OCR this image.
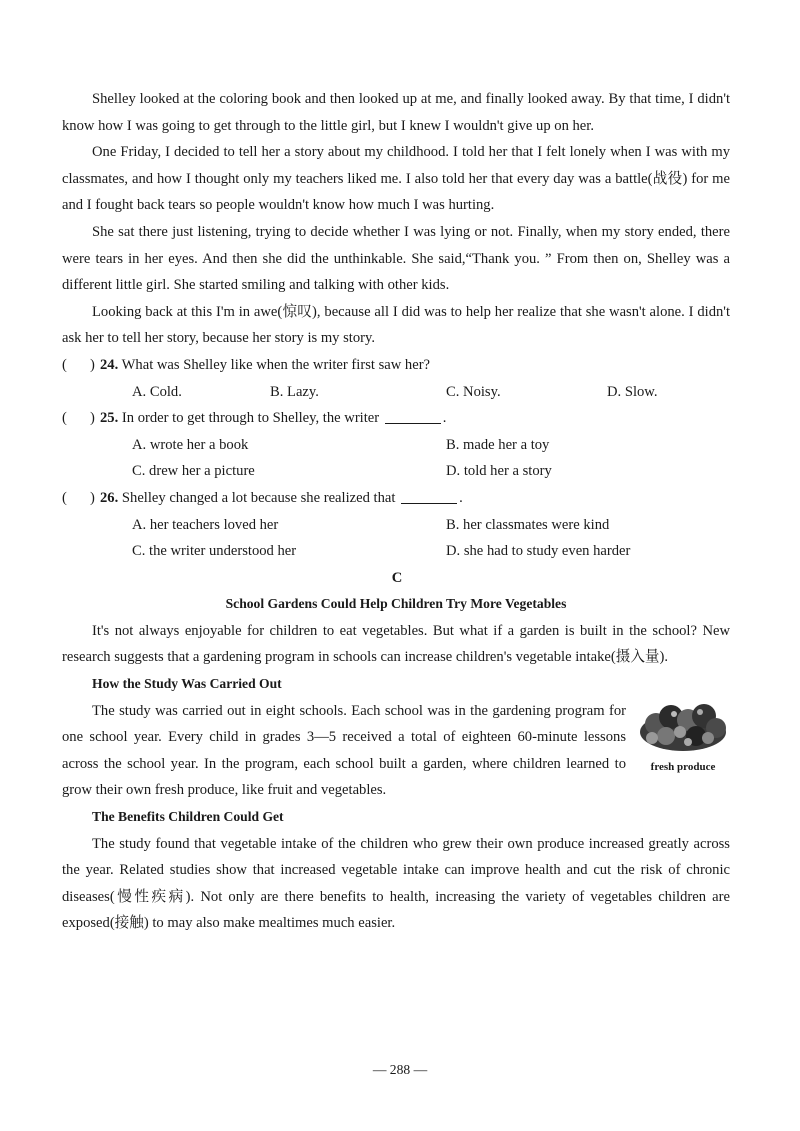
Shelley looked at the coloring book and then looked up at me, and finally looked away. By that time, I didn't know how I was going to get through to the little girl, but I knew I wouldn't give up on her.

One Friday, I decided to tell her a story about my childhood. I told her that I felt lonely when I was with my classmates, and how I thought only my teachers liked me. I also told her that every day was a battle(战役) for me and I fought back tears so people wouldn't know how much I was hurting.

She sat there just listening, trying to decide whether I was lying or not. Finally, when my story ended, there were tears in her eyes. And then she did the unthinkable. She said,“Thank you. ” From then on, Shelley was a different little girl. She started smiling and talking with other kids.

Looking back at this I'm in awe(惊叹), because all I did was to help her realize that she wasn't alone. I didn't ask her to tell her story, because her story is my story.

( ) 24. What was Shelley like when the writer first saw her?
A. Cold.	B. Lazy.	C. Noisy.	D. Slow.
( ) 25. In order to get through to Shelley, the writer	.
A. wrote her a book	B. made her a toy
C. drew her a picture	D. told her a story
( ) 26. Shelley changed a lot because she realized that	.
A. her teachers loved her	B. her classmates were kind
C. the writer understood her	D. she had to study even harder
C
School Gardens Could Help Children Try More Vegetables

It's not always enjoyable for children to eat vegetables. But what if a garden is built in the school? New research suggests that a gardening program in schools can increase children's vegetable intake(摄入量).

How the Study Was Carried Out
fresh produce

The study was carried out in eight schools. Each school was in the gardening program for one school year. Every child in grades 3—5 received a total of eighteen 60-minute lessons across the school year. In the program, each school built a garden, where children learned to grow their own fresh produce, like fruit and vegetables.

The Benefits Children Could Get

The study found that vegetable intake of the children who grew their own produce increased greatly across the year. Related studies show that increased vegetable intake can improve health and cut the risk of chronic diseases(慢性疾病). Not only are there benefits to health, increasing the variety of vegetables children are exposed(接触) to may also make mealtimes much easier.

— 288 —
